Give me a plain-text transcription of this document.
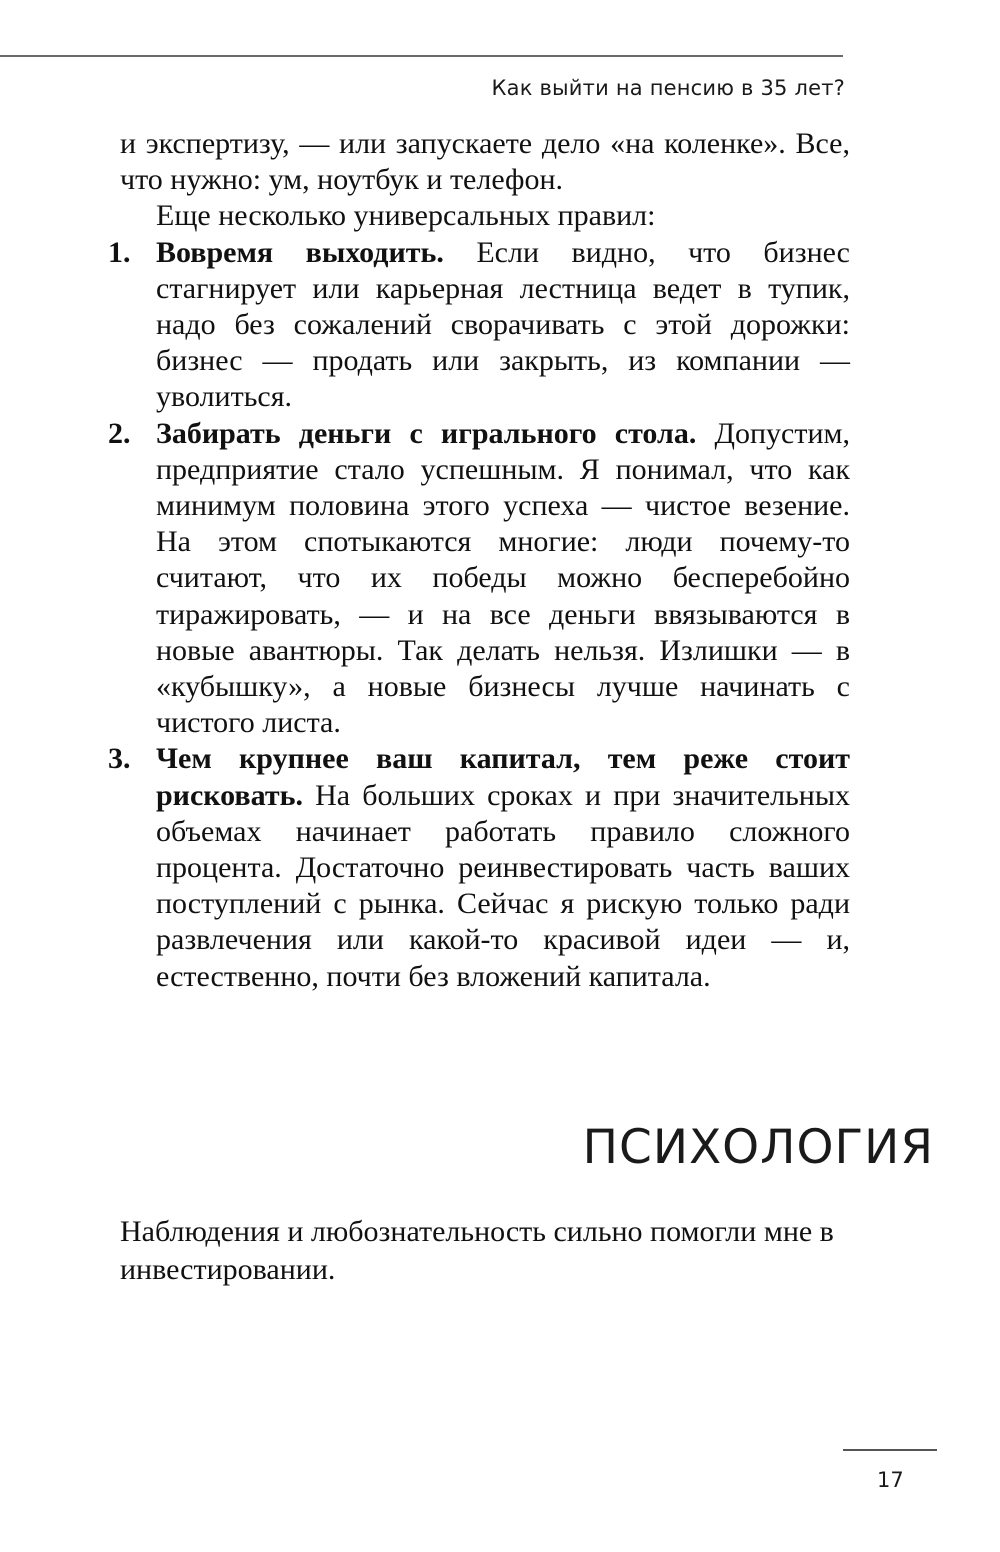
Как выйти на пенсию в 35 лет?

и экспертизу, — или запускаете дело «на коленке». Все, что нужно: ум, ноутбук и телефон.

Еще несколько универсальных правил:

1. Вовремя выходить. Если видно, что бизнес стагнирует или карьерная лестница ведет в тупик, надо без сожалений сворачивать с этой дорожки: бизнес — продать или закрыть, из компании — уволиться.
2. Забирать деньги с игрального стола. Допустим, предприятие стало успешным. Я понимал, что как минимум половина этого успеха — чистое везение. На этом спотыкаются многие: люди почему-то считают, что их победы можно бесперебойно тиражировать, — и на все деньги ввязываются в новые авантюры. Так делать нельзя. Излишки — в «кубышку», а новые бизнесы лучше начинать с чистого листа.
3. Чем крупнее ваш капитал, тем реже стоит рисковать. На больших сроках и при значительных объемах начинает работать правило сложного процента. Достаточно реинвестировать часть ваших поступлений с рынка. Сейчас я рискую только ради развлечения или какой-то красивой идеи — и, естественно, почти без вложений капитала.
ПСИХОЛОГИЯ

Наблюдения и любознательность сильно помогли мне в инвестировании.

17
